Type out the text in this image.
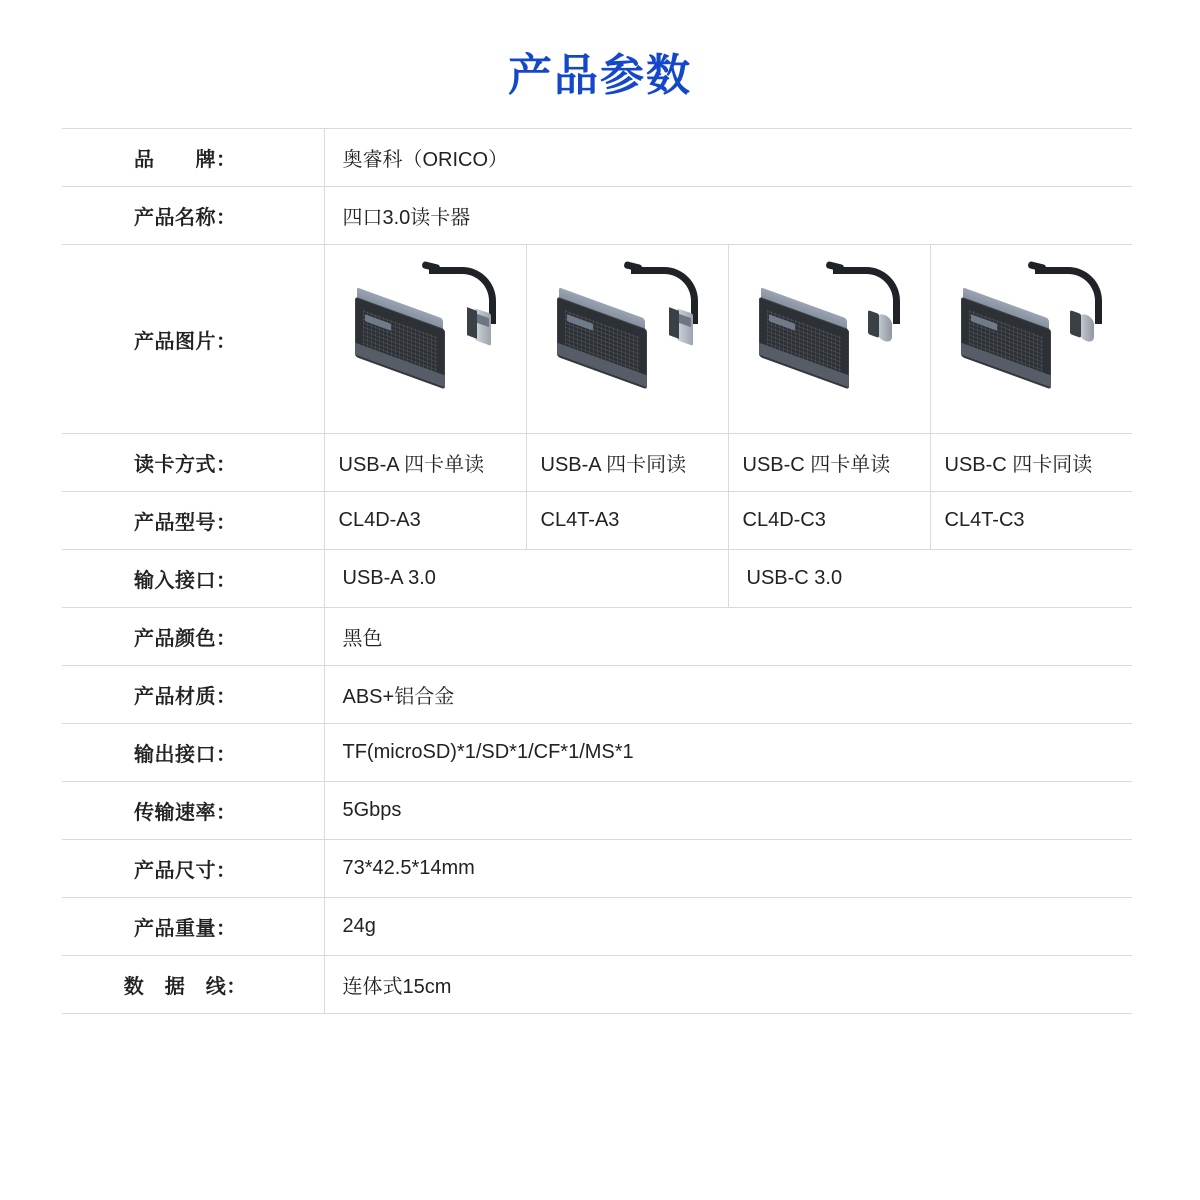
产品参数
品　　牌：	奥睿科（ORICO）			
产品名称：	四口3.0读卡器			
产品图片：	

读卡方式：	USB-A 四卡单读	USB-A 四卡同读	USB-C 四卡单读	USB-C 四卡同读
产品型号：	CL4D-A3	CL4T-A3	CL4D-C3	CL4T-C3
输入接口：	USB-A 3.0		USB-C 3.0	
产品颜色：	黑色			
产品材质：	ABS+铝合金			
输出接口：	TF(microSD)*1/SD*1/CF*1/MS*1			
传输速率：	5Gbps			
产品尺寸：	73*42.5*14mm			
产品重量：	24g			
数　据　线：	连体式15cm			
